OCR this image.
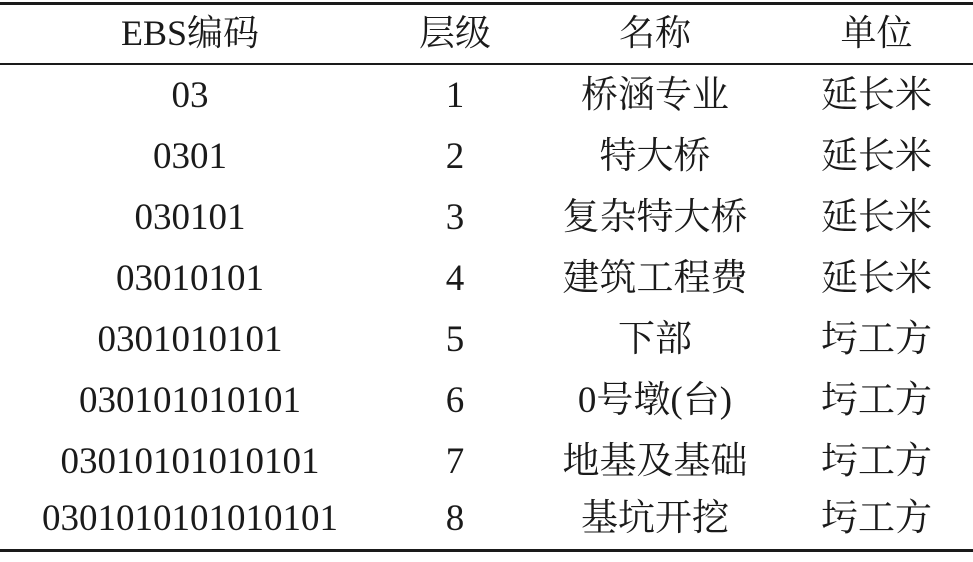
EBS编码	层级	名称	单位
03	1	桥涵专业	延长米
0301	2	特大桥	延长米
030101	3	复杂特大桥	延长米
03010101	4	建筑工程费	延长米
0301010101	5	下部	圬工方
030101010101	6	0号墩(台)	圬工方
03010101010101	7	地基及基础	圬工方
0301010101010101	8	基坑开挖	圬工方
